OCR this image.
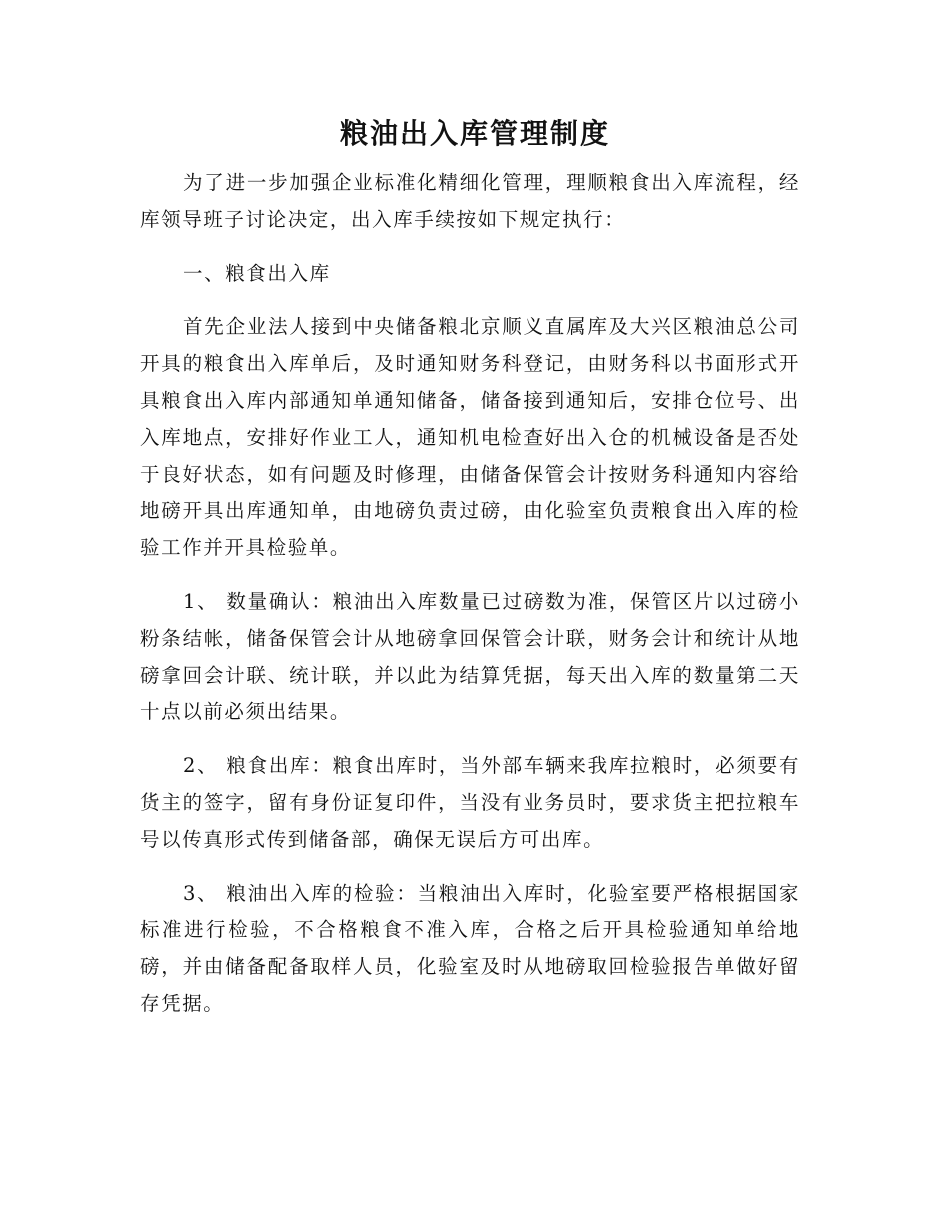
粮油出入库管理制度

为了进一步加强企业标准化精细化管理，理顺粮食出入库流程，经库领导班子讨论决定，出入库手续按如下规定执行：

一、粮食出入库

首先企业法人接到中央储备粮北京顺义直属库及大兴区粮油总公司开具的粮食出入库单后，及时通知财务科登记，由财务科以书面形式开具粮食出入库内部通知单通知储备，储备接到通知后，安排仓位号、出入库地点，安排好作业工人，通知机电检查好出入仓的机械设备是否处于良好状态，如有问题及时修理，由储备保管会计按财务科通知内容给地磅开具出库通知单，由地磅负责过磅，由化验室负责粮食出入库的检验工作并开具检验单。

1、 数量确认：粮油出入库数量已过磅数为准，保管区片以过磅小粉条结帐，储备保管会计从地磅拿回保管会计联，财务会计和统计从地磅拿回会计联、统计联，并以此为结算凭据，每天出入库的数量第二天十点以前必须出结果。

2、 粮食出库：粮食出库时，当外部车辆来我库拉粮时，必须要有货主的签字，留有身份证复印件，当没有业务员时，要求货主把拉粮车号以传真形式传到储备部，确保无误后方可出库。

3、 粮油出入库的检验：当粮油出入库时，化验室要严格根据国家标准进行检验，不合格粮食不准入库，合格之后开具检验通知单给地磅，并由储备配备取样人员，化验室及时从地磅取回检验报告单做好留存凭据。
